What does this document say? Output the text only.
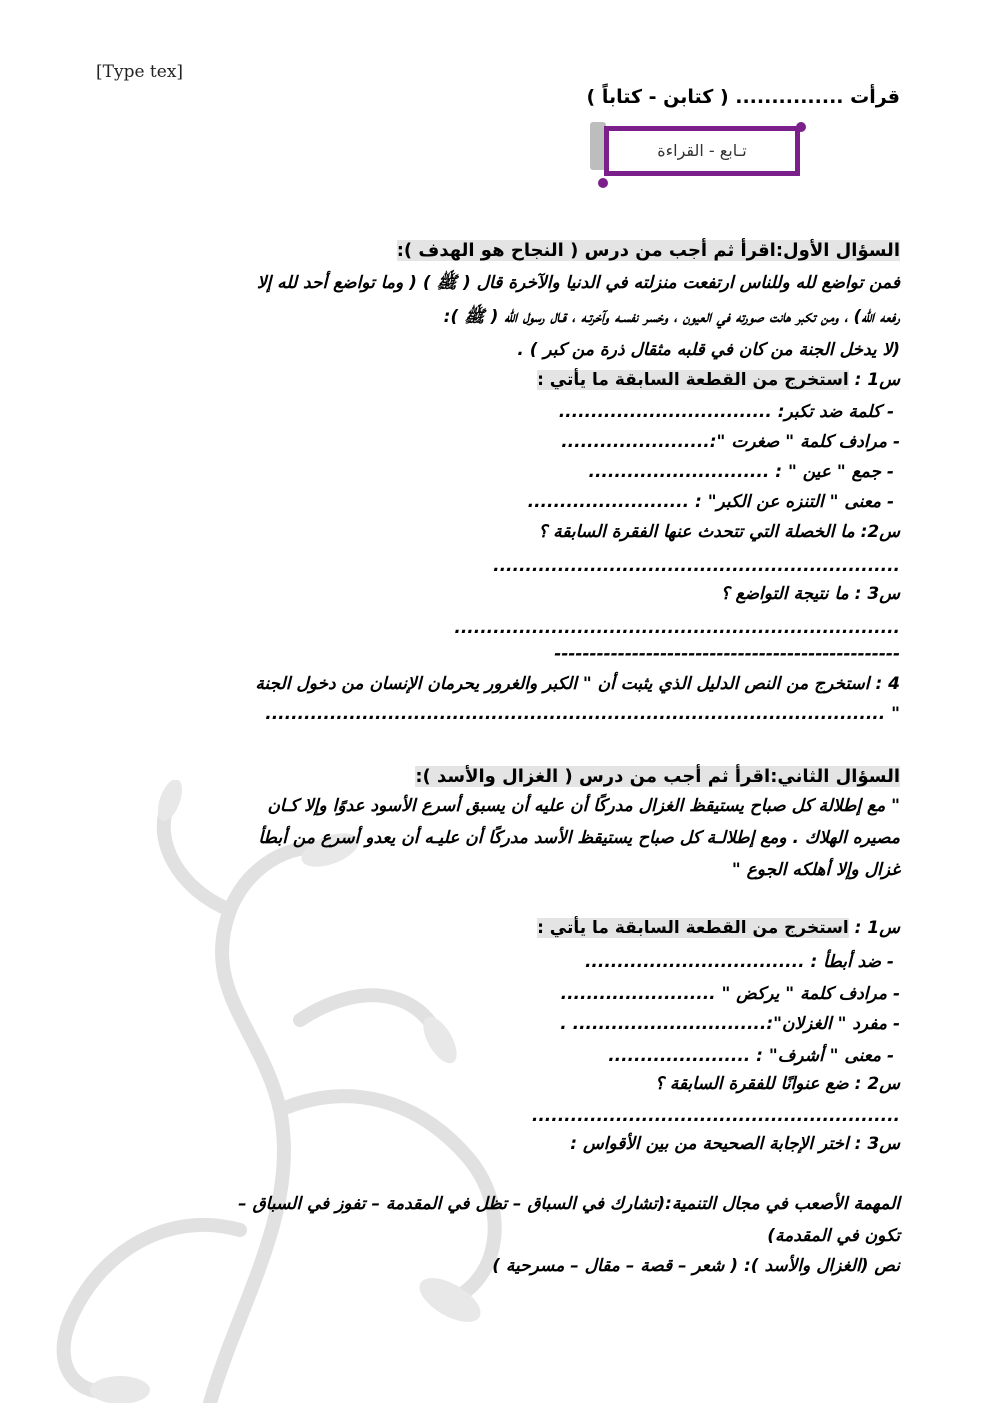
[Type tex]
قرأت ............... ( كتابن - كتاباً )
تـابع - القراءة
السؤال الأول:اقرأ ثم أجب من درس ( النجاح هو الهدف ):
فمن تواضع لله وللناس ارتفعت منزلته في الدنيا والآخرة قال ( ﷺ ) ( وما تواضع أحد لله إلا
رفعه الله) ، ومن تكبر هانت صورته في العيون ، وخسر نفسـه وآخرتـه ، قـال رسول الله ( ﷺ ):
(لا يدخل الجنة من كان في قلبه مثقال ذرة من كبر ) .
س1 : استخرج من القطعة السابقة ما يأتي :
- كلمة ضد تكبر: .................................
- مرادف كلمة " صغرت ":.......................
- جمع " عين " : ............................
- معنى " التنزه عن الكبر" : .........................
س2: ما الخصلة التي تتحدث عنها الفقرة السابقة ؟
...............................................................
س3 : ما نتيجة التواضع ؟
.....................................................................
-------------------------------------------------
4 : استخرج من النص الدليل الذي يثبت أن " الكبر والغرور يحرمان الإنسان من دخول الجنة
" ................................................................................................
السؤال الثاني:اقرأ ثم أجب من درس ( الغزال والأسد ):
" مع إطلالة كل صباح يستيقظ الغزال مدركًا أن عليه أن يسبق أسرع الأسود عدوًا وإلا كـان
مصيره الهلاك . ومع إطلالـة كل صباح يستيقظ الأسد مدركًا أن عليـه أن يعدو أسرع من أبطأ
غزال وإلا أهلكه الجوع "
س1 : استخرج من القطعة السابقة ما يأتي :
- ضد أبطأ : ..................................
- مرادف كلمة " يركض " ........................
- مفرد " الغزلان":.............................. .
- معنى " أشرف" : ......................
س2 : ضع عنوانًا للفقرة السابقة ؟
.........................................................
س3 : اختر الإجابة الصحيحة من بين الأقواس :
المهمة الأصعب في مجال التنمية:(تشارك في السباق – تظل في المقدمة – تفوز في السباق –
تكون في المقدمة)
نص (الغزال والأسد ): ( شعر – قصة – مقال – مسرحية )
